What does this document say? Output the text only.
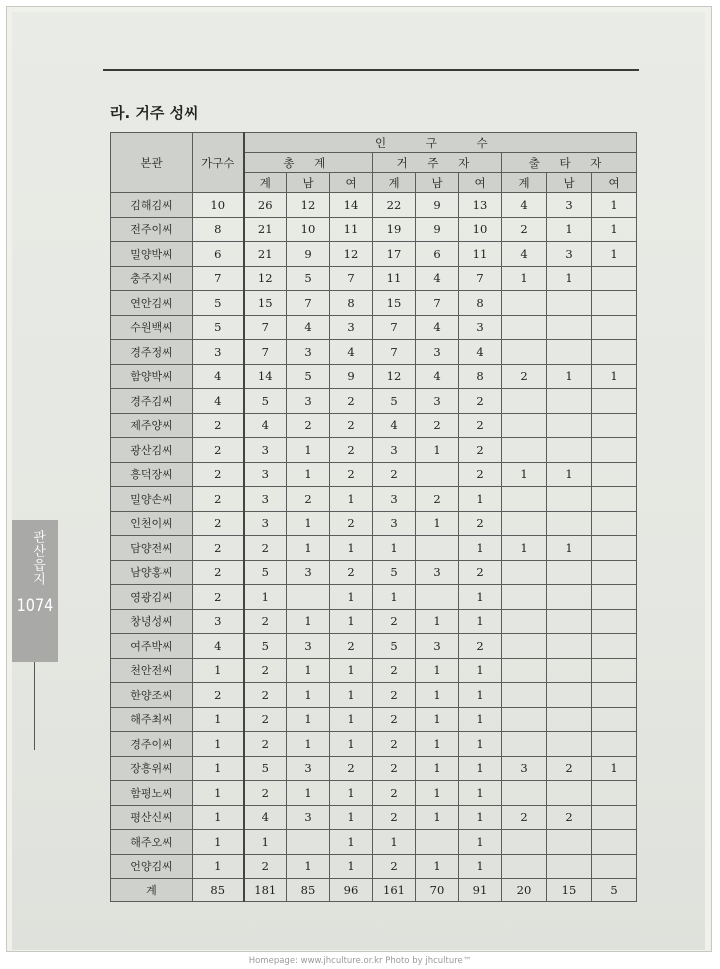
라. 거주 성씨
관산읍지
1074
본관	가구수	인 구 수								
		총 계			거 주 자			출 타 자		
		계	남	여	계	남	여	계	남	여
김해김씨	10	26	12	14	22	9	13	4	3	1
전주이씨	8	21	10	11	19	9	10	2	1	1
밀양박씨	6	21	9	12	17	6	11	4	3	1
충주지씨	7	12	5	7	11	4	7	1	1	
연안김씨	5	15	7	8	15	7	8			
수원백씨	5	7	4	3	7	4	3			
경주정씨	3	7	3	4	7	3	4			
함양박씨	4	14	5	9	12	4	8	2	1	1
경주김씨	4	5	3	2	5	3	2			
제주양씨	2	4	2	2	4	2	2			
광산김씨	2	3	1	2	3	1	2			
흥덕장씨	2	3	1	2	2		2	1	1	
밀양손씨	2	3	2	1	3	2	1			
인천이씨	2	3	1	2	3	1	2			
담양전씨	2	2	1	1	1		1	1	1	
남양홍씨	2	5	3	2	5	3	2			
영광김씨	2	1		1	1		1			
창녕성씨	3	2	1	1	2	1	1			
여주박씨	4	5	3	2	5	3	2			
천안전씨	1	2	1	1	2	1	1			
한양조씨	2	2	1	1	2	1	1			
해주최씨	1	2	1	1	2	1	1			
경주이씨	1	2	1	1	2	1	1			
장흥위씨	1	5	3	2	2	1	1	3	2	1
함평노씨	1	2	1	1	2	1	1			
평산신씨	1	4	3	1	2	1	1	2	2	
해주오씨	1	1		1	1		1			
언양김씨	1	2	1	1	2	1	1			
계	85	181	85	96	161	70	91	20	15	5
Homepage: www.jhculture.or.kr Photo by jhculture™
